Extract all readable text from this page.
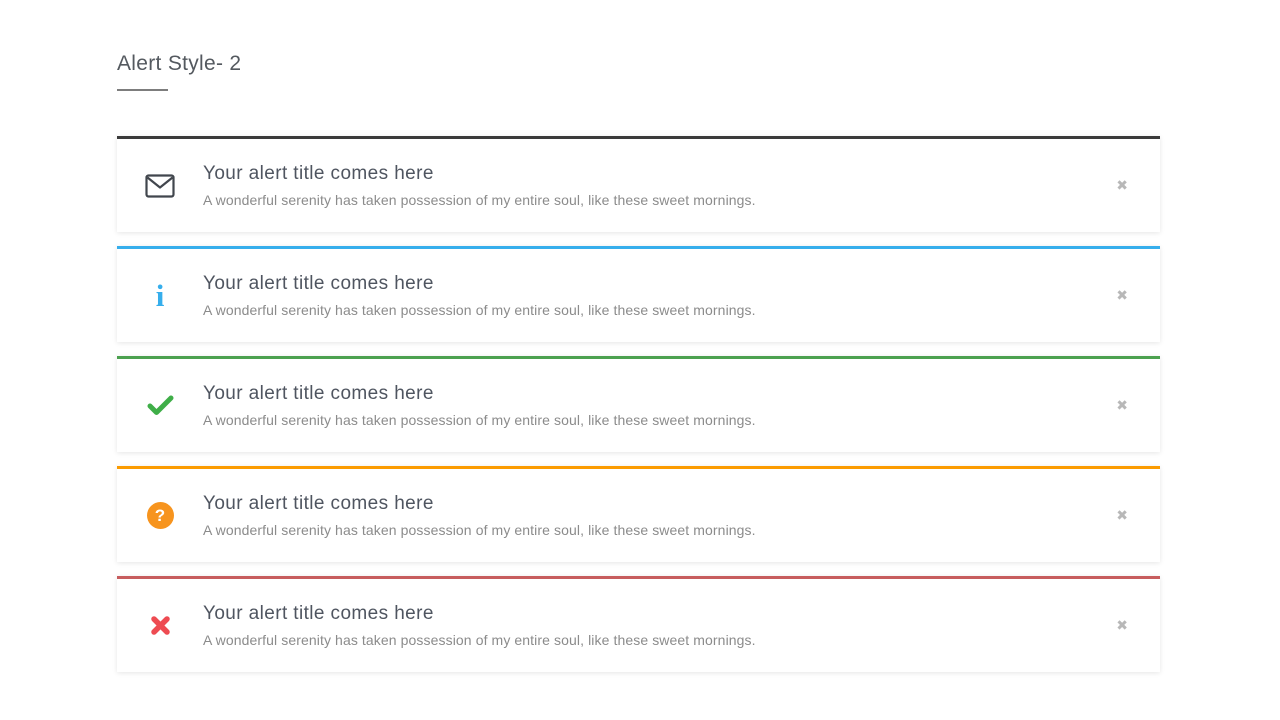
Alert Style- 2
Your alert title comes here

A wonderful serenity has taken possession of my entire soul, like these sweet mornings.

✖
i Your alert title comes here

A wonderful serenity has taken possession of my entire soul, like these sweet mornings.

✖
Your alert title comes here

A wonderful serenity has taken possession of my entire soul, like these sweet mornings.

✖
?
Your alert title comes here

A wonderful serenity has taken possession of my entire soul, like these sweet mornings.

✖
Your alert title comes here

A wonderful serenity has taken possession of my entire soul, like these sweet mornings.

✖
